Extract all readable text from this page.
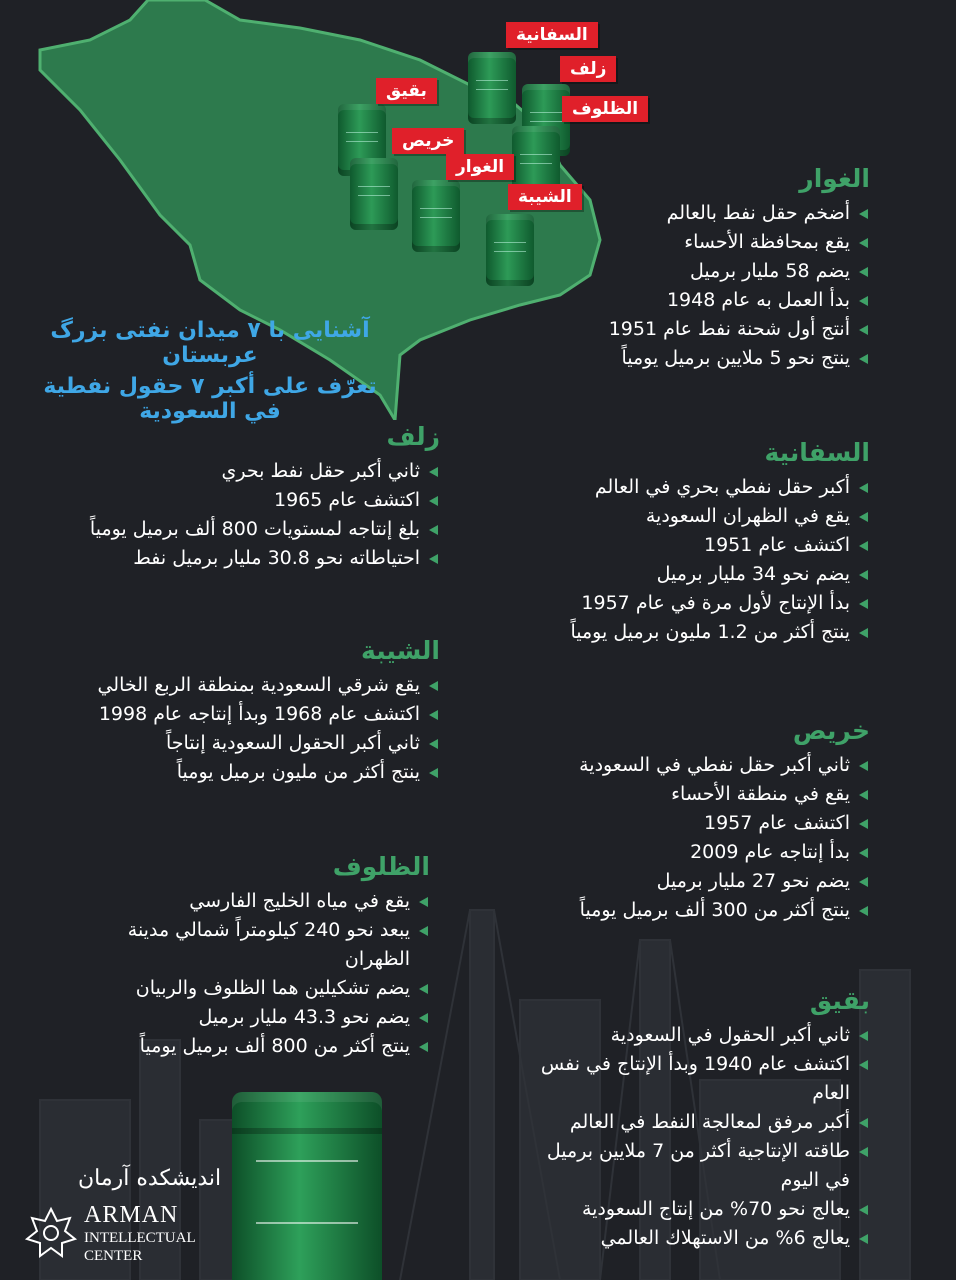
السفانية
زلف
بقيق
الظلوف
خريص
الغوار
الشيبة
آشنایی با ۷ میدان نفتی بزرگ عربستان
تعرّف على أكبر ٧ حقول نفطية في السعودية
الغوار
أضخم حقل نفط بالعالم
يقع بمحافظة الأحساء
يضم 58 مليار برميل
بدأ العمل به عام 1948
أنتج أول شحنة نفط عام 1951
ينتج نحو 5 ملايين برميل يومياً
السفانية
أكبر حقل نفطي بحري في العالم
يقع في الظهران السعودية
اكتشف عام 1951
يضم نحو 34 مليار برميل
بدأ الإنتاج لأول مرة في عام 1957
ينتج أكثر من 1.2 مليون برميل يومياً
خريص
ثاني أكبر حقل نفطي في السعودية
يقع في منطقة الأحساء
اكتشف عام 1957
بدأ إنتاجه عام 2009
يضم نحو 27 مليار برميل
ينتج أكثر من 300 ألف برميل يومياً
بقيق
ثاني أكبر الحقول في السعودية
اكتشف عام 1940 وبدأ الإنتاج في نفس العام
أكبر مرفق لمعالجة النفط في العالم
طاقته الإنتاجية أكثر من 7 ملايين برميل في اليوم
يعالج نحو 70% من إنتاج السعودية
يعالج 6% من الاستهلاك العالمي
زلف
ثاني أكبر حقل نفط بحري
اكتشف عام 1965
بلغ إنتاجه لمستويات 800 ألف برميل يومياً
احتياطاته نحو 30.8 مليار برميل نفط
الشيبة
يقع شرقي السعودية بمنطقة الربع الخالي
اكتشف عام 1968 وبدأ إنتاجه عام 1998
ثاني أكبر الحقول السعودية إنتاجاً
ينتج أكثر من مليون برميل يومياً
الظلوف
يقع في مياه الخليج الفارسي
يبعد نحو 240 كيلومتراً شمالي مدينة الظهران
يضم تشكيلين هما الظلوف والربيان
يضم نحو 43.3 مليار برميل
ينتج أكثر من 800 ألف برميل يومياً
اندیشکده آرمان
ARMAN
INTELLECTUAL
CENTER
